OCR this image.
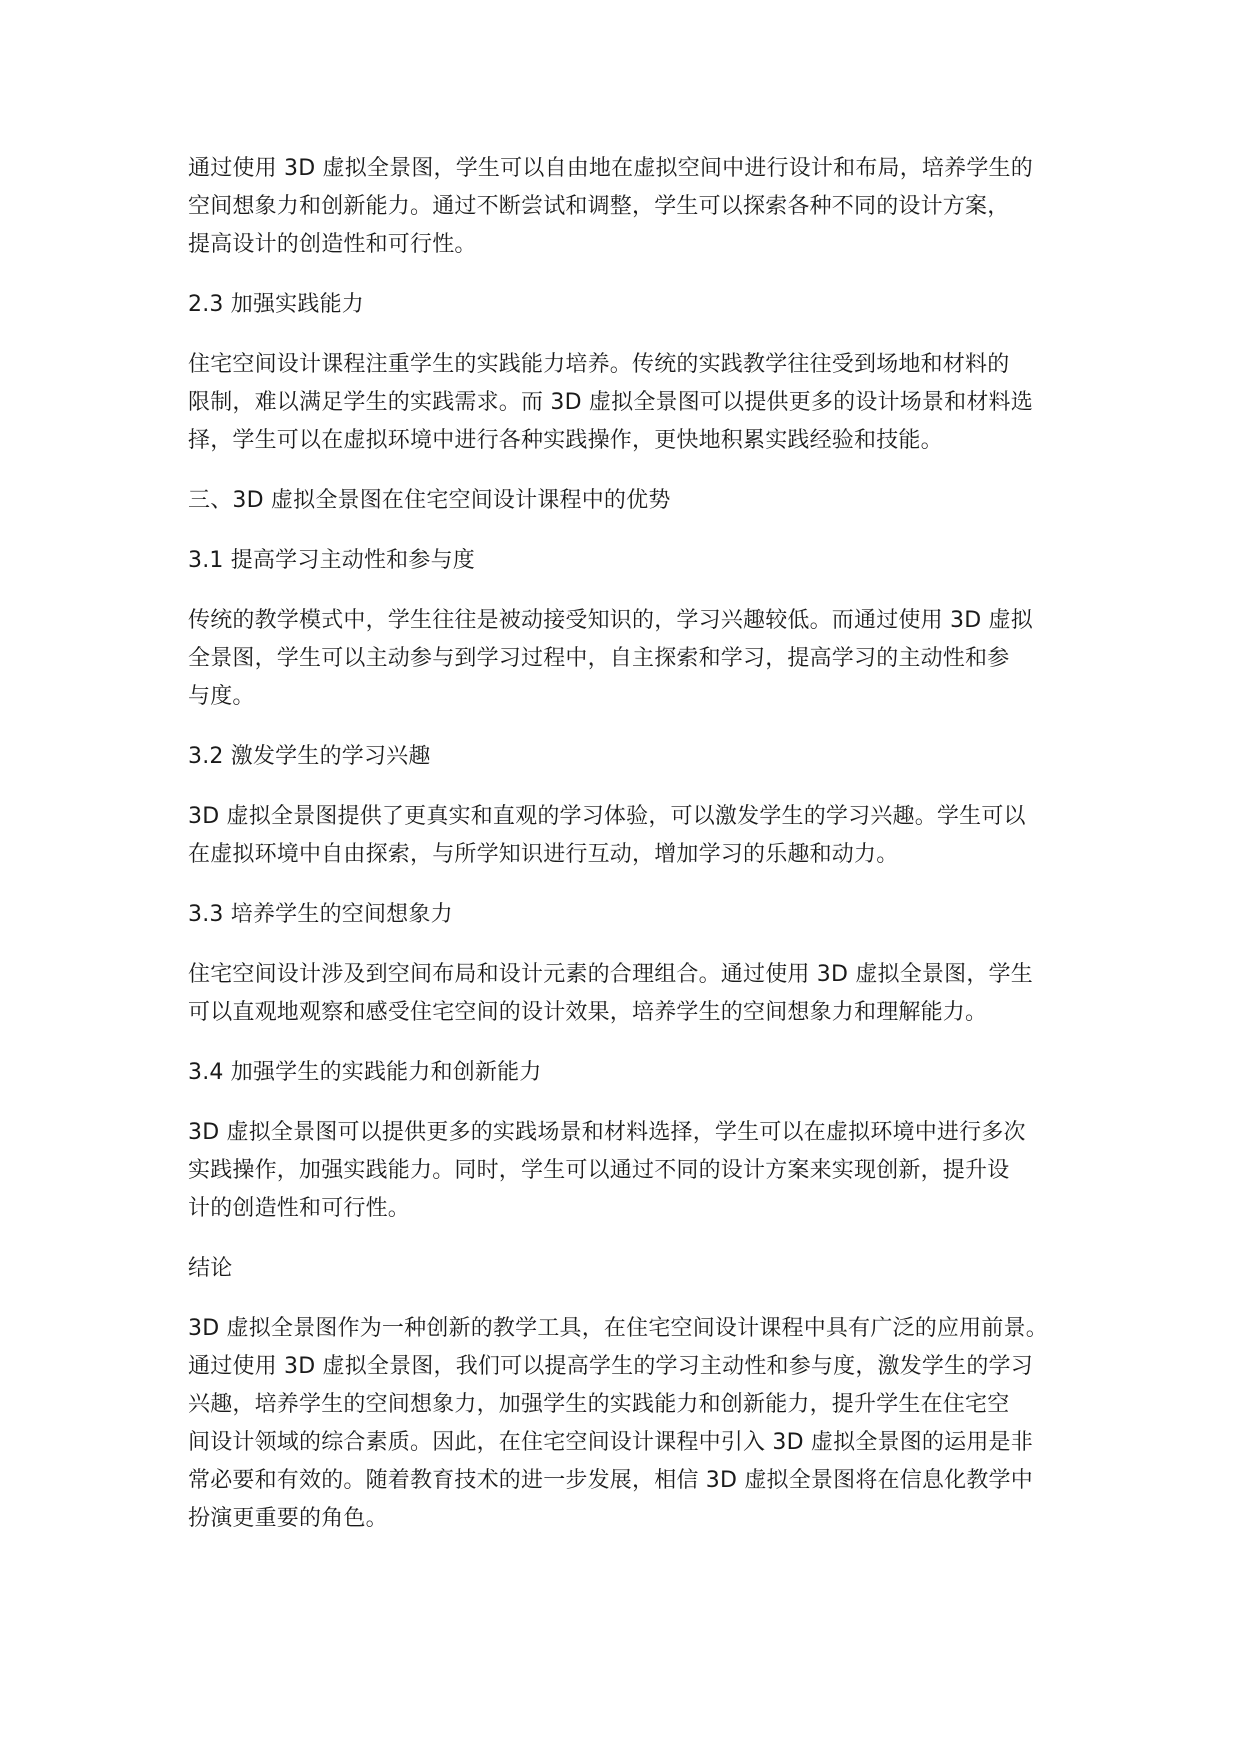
通过使用 3D 虚拟全景图，学生可以自由地在虚拟空间中进行设计和布局，培养学生的
空间想象力和创新能力。通过不断尝试和调整，学生可以探索各种不同的设计方案，
提高设计的创造性和可行性。
2.3 加强实践能力
住宅空间设计课程注重学生的实践能力培养。传统的实践教学往往受到场地和材料的
限制，难以满足学生的实践需求。而 3D 虚拟全景图可以提供更多的设计场景和材料选
择，学生可以在虚拟环境中进行各种实践操作，更快地积累实践经验和技能。
三、3D 虚拟全景图在住宅空间设计课程中的优势
3.1 提高学习主动性和参与度
传统的教学模式中，学生往往是被动接受知识的，学习兴趣较低。而通过使用 3D 虚拟
全景图，学生可以主动参与到学习过程中，自主探索和学习，提高学习的主动性和参
与度。
3.2 激发学生的学习兴趣
3D 虚拟全景图提供了更真实和直观的学习体验，可以激发学生的学习兴趣。学生可以
在虚拟环境中自由探索，与所学知识进行互动，增加学习的乐趣和动力。
3.3 培养学生的空间想象力
住宅空间设计涉及到空间布局和设计元素的合理组合。通过使用 3D 虚拟全景图，学生
可以直观地观察和感受住宅空间的设计效果，培养学生的空间想象力和理解能力。
3.4 加强学生的实践能力和创新能力
3D 虚拟全景图可以提供更多的实践场景和材料选择，学生可以在虚拟环境中进行多次
实践操作，加强实践能力。同时，学生可以通过不同的设计方案来实现创新，提升设
计的创造性和可行性。
结论
3D 虚拟全景图作为一种创新的教学工具，在住宅空间设计课程中具有广泛的应用前景。
通过使用 3D 虚拟全景图，我们可以提高学生的学习主动性和参与度，激发学生的学习
兴趣，培养学生的空间想象力，加强学生的实践能力和创新能力，提升学生在住宅空
间设计领域的综合素质。因此，在住宅空间设计课程中引入 3D 虚拟全景图的运用是非
常必要和有效的。随着教育技术的进一步发展，相信 3D 虚拟全景图将在信息化教学中
扮演更重要的角色。
